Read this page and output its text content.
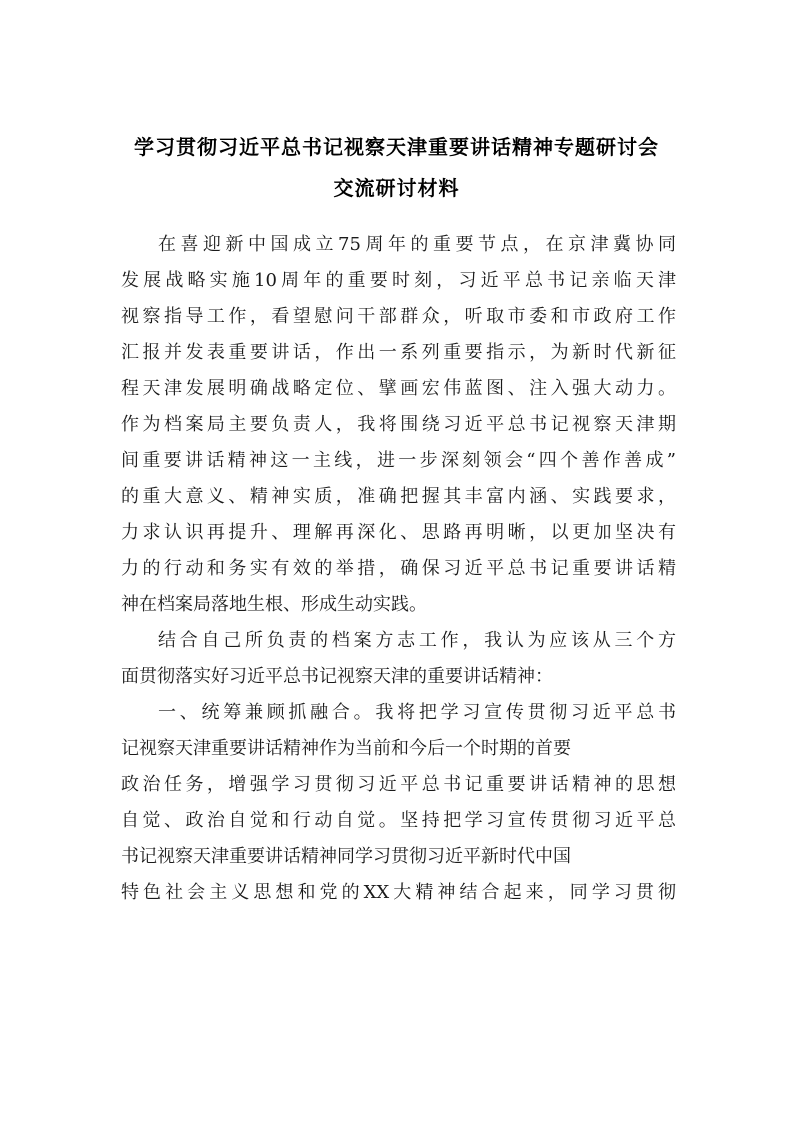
学习贯彻习近平总书记视察天津重要讲话精神专题研讨会
交流研讨材料
在喜迎新中国成立75周年的重要节点，在京津冀协同
发展战略实施10周年的重要时刻，习近平总书记亲临天津
视察指导工作，看望慰问干部群众，听取市委和市政府工作
汇报并发表重要讲话，作出一系列重要指示，为新时代新征
程天津发展明确战略定位、擘画宏伟蓝图、注入强大动力。
作为档案局主要负责人，我将围绕习近平总书记视察天津期
间重要讲话精神这一主线，进一步深刻领会“四个善作善成”
的重大意义、精神实质，准确把握其丰富内涵、实践要求，
力求认识再提升、理解再深化、思路再明晰，以更加坚决有
力的行动和务实有效的举措，确保习近平总书记重要讲话精
神在档案局落地生根、形成生动实践。
结合自己所负责的档案方志工作，我认为应该从三个方
面贯彻落实好习近平总书记视察天津的重要讲话精神：
一、统筹兼顾抓融合。我将把学习宣传贯彻习近平总书
记视察天津重要讲话精神作为当前和今后一个时期的首要
政治任务，增强学习贯彻习近平总书记重要讲话精神的思想
自觉、政治自觉和行动自觉。坚持把学习宣传贯彻习近平总
书记视察天津重要讲话精神同学习贯彻习近平新时代中国
特色社会主义思想和党的XX大精神结合起来，同学习贯彻
